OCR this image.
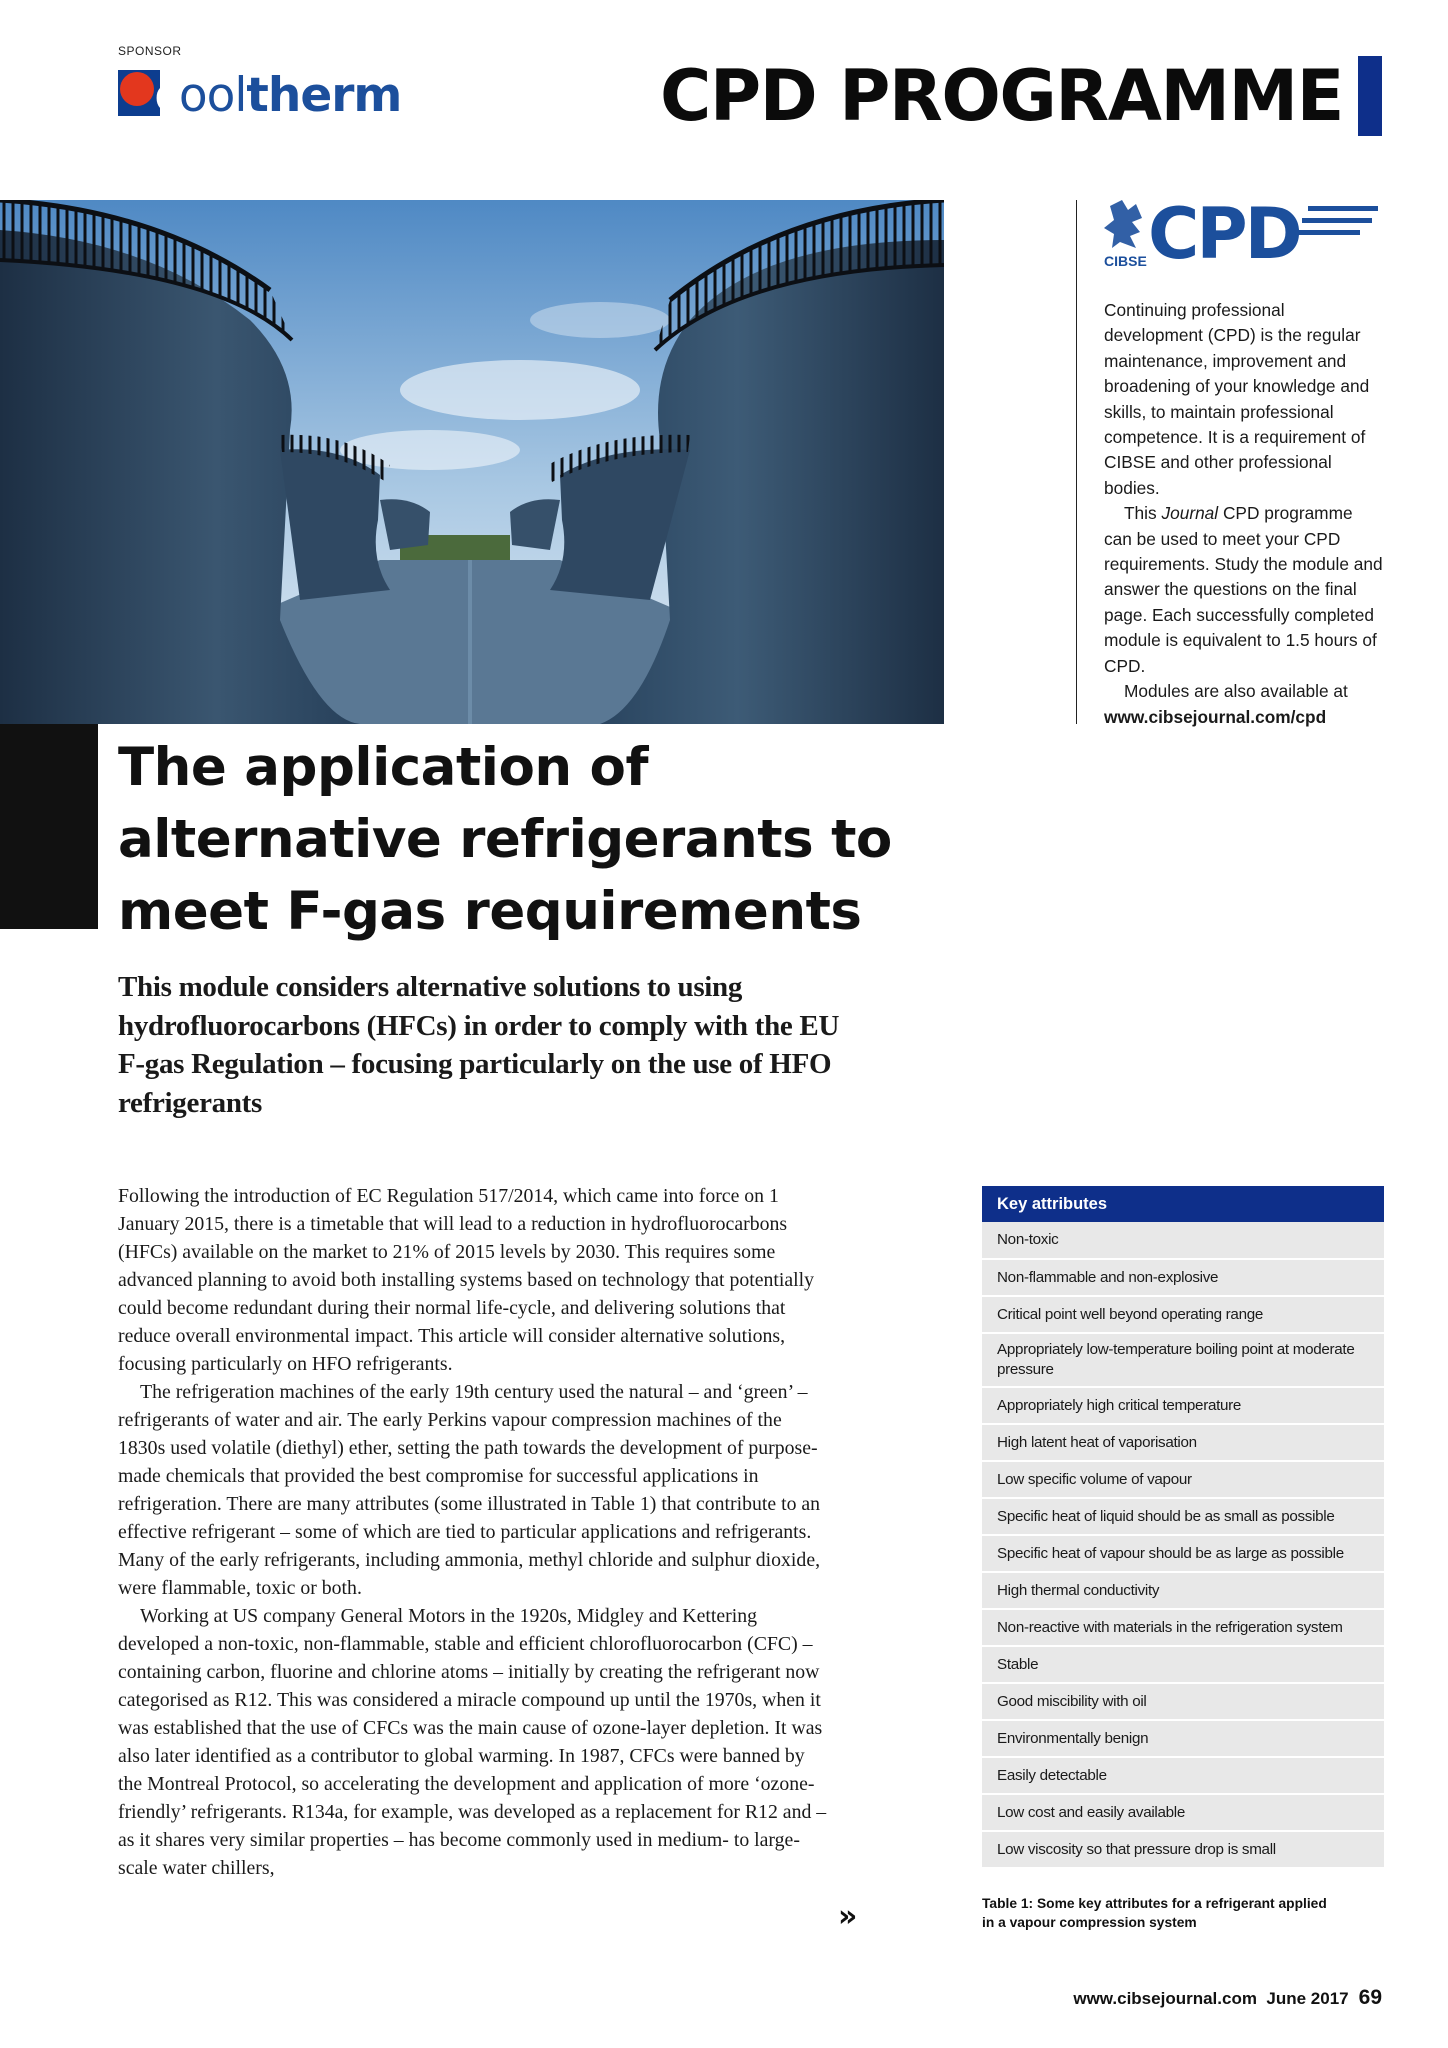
SPONSOR
cooltherm	CPD PROGRAMME
The application of alternative refrigerants to meet F-gas requirements
CPD
CIBSE

Continuing professional development (CPD) is the regular maintenance, improvement and broadening of your knowledge and skills, to maintain professional competence. It is a requirement of CIBSE and other professional bodies.

This Journal CPD programme can be used to meet your CPD requirements. Study the module and answer the questions on the final page. Each successfully completed module is equivalent to 1.5 hours of CPD.

Modules are also available at www.cibsejournal.com/cpd

This module considers alternative solutions to using hydrofluorocarbons (HFCs) in order to comply with the EU F-gas Regulation – focusing particularly on the use of HFO refrigerants

Following the introduction of EC Regulation 517/2014, which came into force on 1 January 2015, there is a timetable that will lead to a reduction in hydrofluorocarbons (HFCs) available on the market to 21% of 2015 levels by 2030. This requires some advanced planning to avoid both installing systems based on technology that potentially could become redundant during their normal life-cycle, and delivering solutions that reduce overall environmental impact. This article will consider alternative solutions, focusing particularly on HFO refrigerants.

The refrigeration machines of the early 19th century used the natural – and ‘green’ – refrigerants of water and air. The early Perkins vapour compression machines of the 1830s used volatile (diethyl) ether, setting the path towards the development of purpose-made chemicals that provided the best compromise for successful applications in refrigeration. There are many attributes (some illustrated in Table 1) that contribute to an effective refrigerant – some of which are tied to particular applications and refrigerants. Many of the early refrigerants, including ammonia, methyl chloride and sulphur dioxide, were flammable, toxic or both.

Working at US company General Motors in the 1920s, Midgley and Kettering developed a non-toxic, non-flammable, stable and efficient chlorofluorocarbon (CFC) – containing carbon, fluorine and chlorine atoms – initially by creating the refrigerant now categorised as R12. This was considered a miracle compound up until the 1970s, when it was established that the use of CFCs was the main cause of ozone-layer depletion. It was also later identified as a contributor to global warming. In 1987, CFCs were banned by the Montreal Protocol, so accelerating the development and application of more ‘ozone-friendly’ refrigerants. R134a, for example, was developed as a replacement for R12 and – as it shares very similar properties – has become commonly used in medium- to large-scale water chillers,

»
Key attributes
Non-toxic
Non-flammable and non-explosive
Critical point well beyond operating range
Appropriately low-temperature boiling point at moderate pressure
Appropriately high critical temperature
High latent heat of vaporisation
Low specific volume of vapour
Specific heat of liquid should be as small as possible
Specific heat of vapour should be as large as possible
High thermal conductivity
Non-reactive with materials in the refrigeration system
Stable
Good miscibility with oil
Environmentally benign
Easily detectable
Low cost and easily available
Low viscosity so that pressure drop is small
Table 1: Some key attributes for a refrigerant applied in a vapour compression system
www.cibsejournal.com June 2017 69
